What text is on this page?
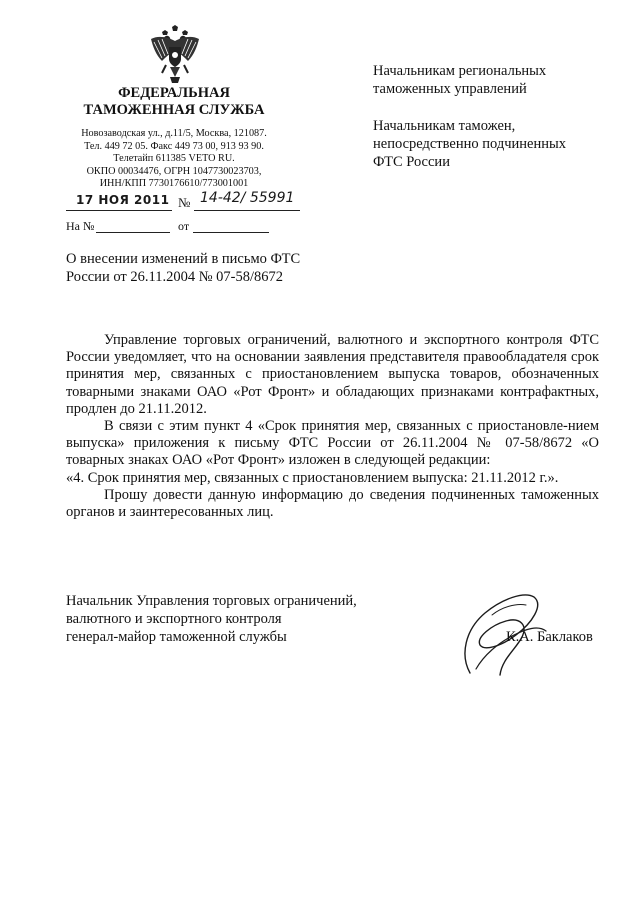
ФЕДЕРАЛЬНАЯ
ТАМОЖЕННАЯ СЛУЖБА
Новозаводская ул., д.11/5, Москва, 121087.
Тел. 449 72 05. Факс 449 73 00, 913 93 90.
Телетайп 611385 VETO RU.
ОКПО 00034476, ОГРН 1047730023703,
ИНН/КПП 7730176610/773001001
Начальникам региональных
таможенных управлений
Начальникам таможен,
непосредственно подчиненных
ФТС России
17 НОЯ 2011 № 14-42/ 55991
На №	от
О внесении изменений в письмо ФТС
России от 26.11.2004 № 07-58/8672

Управление торговых ограничений, валютного и экспортного контроля ФТС России уведомляет, что на основании заявления представителя правообладателя срок принятия мер, связанных с приостановлением выпуска товаров, обозначенных товарными знаками ОАО «Рот Фронт» и обладающих признаками контрафактных, продлен до 21.11.2012.

В связи с этим пункт 4 «Срок принятия мер, связанных с приостановле-нием выпуска» приложения к письму ФТС России от 26.11.2004 № 07-58/8672 «О товарных знаках ОАО «Рот Фронт» изложен в следующей редакции:

«4. Срок принятия мер, связанных с приостановлением выпуска: 21.11.2012 г.».

Прошу довести данную информацию до сведения подчиненных таможенных органов и заинтересованных лиц.

Начальник Управления торговых ограничений,
валютного и экспортного контроля
генерал-майор таможенной службы	К.А. Баклаков
